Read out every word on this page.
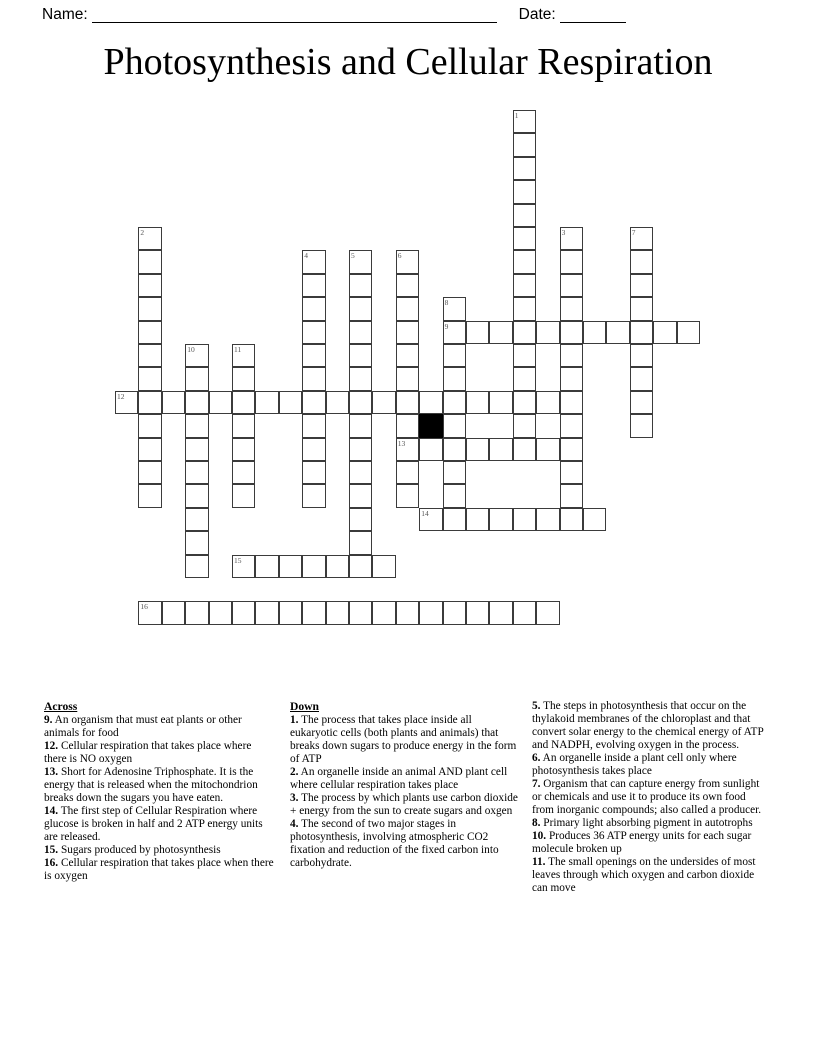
Name:	Date:
Photosynthesis and Cellular Respiration
1
2	3	7
4	5	6
13
8
9
10	11
12
14
15
16
Across
9. An organism that must eat plants or other animals for food
12. Cellular respiration that takes place where there is NO oxygen
13. Short for Adenosine Triphosphate. It is the energy that is released when the mitochondrion breaks down the sugars you have eaten.
14. The first step of Cellular Respiration where glucose is broken in half and 2 ATP energy units are released.
15. Sugars produced by photosynthesis
16. Cellular respiration that takes place when there is oxygen
Down
1. The process that takes place inside all eukaryotic cells (both plants and animals) that breaks down sugars to produce energy in the form of ATP
2. An organelle inside an animal AND plant cell where cellular respiration takes place
3. The process by which plants use carbon dioxide + energy from the sun to create sugars and oxgen
4. The second of two major stages in photosynthesis, involving atmospheric CO2 fixation and reduction of the fixed carbon into carbohydrate.
5. The steps in photosynthesis that occur on the thylakoid membranes of the chloroplast and that convert solar energy to the chemical energy of ATP and NADPH, evolving oxygen in the process.
6. An organelle inside a plant cell only where photosynthesis takes place
7. Organism that can capture energy from sunlight or chemicals and use it to produce its own food from inorganic compounds; also called a producer.
8. Primary light absorbing pigment in autotrophs
10. Produces 36 ATP energy units for each sugar molecule broken up
11. The small openings on the undersides of most leaves through which oxygen and carbon dioxide can move
